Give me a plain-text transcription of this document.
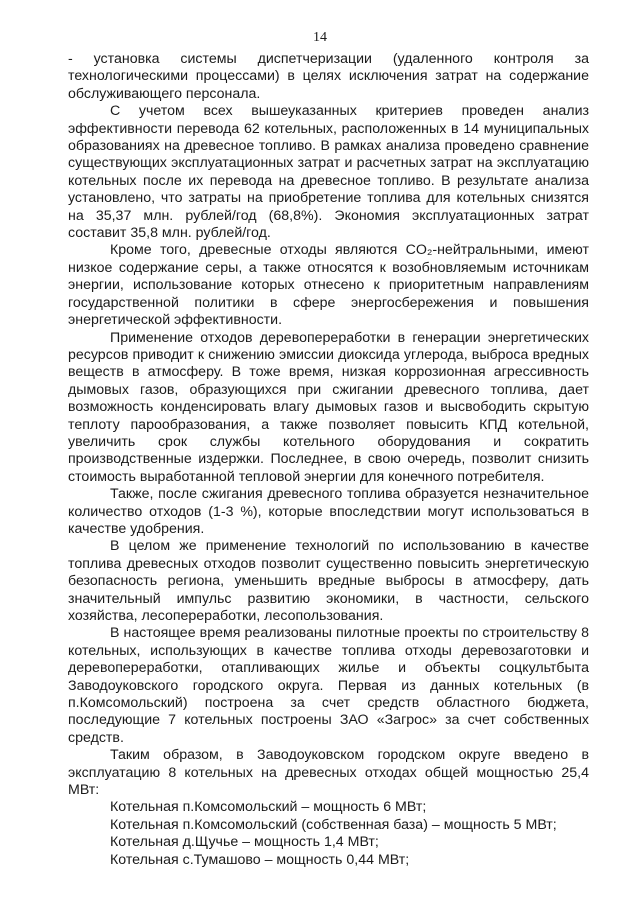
14

- установка системы диспетчеризации (удаленного контроля за технологическими процессами) в целях исключения затрат на содержание обслуживающего персонала.

С учетом всех вышеуказанных критериев проведен анализ эффективности перевода 62 котельных, расположенных в 14 муниципальных образованиях на древесное топливо. В рамках анализа проведено сравнение существующих эксплуатационных затрат и расчетных затрат на эксплуатацию котельных после их перевода на древесное топливо. В результате анализа установлено, что затраты на приобретение топлива для котельных снизятся на 35,37 млн. рублей/год (68,8%). Экономия эксплуатационных затрат составит 35,8 млн. рублей/год.

Кроме того, древесные отходы являются CO₂-нейтральными, имеют низкое содержание серы, а также относятся к возобновляемым источникам энергии, использование которых отнесено к приоритетным направлениям государственной политики в сфере энергосбережения и повышения энергетической эффективности.

Применение отходов деревопереработки в генерации энергетических ресурсов приводит к снижению эмиссии диоксида углерода, выброса вредных веществ в атмосферу. В тоже время, низкая коррозионная агрессивность дымовых газов, образующихся при сжигании древесного топлива, дает возможность конденсировать влагу дымовых газов и высвободить скрытую теплоту парообразования, а также позволяет повысить КПД котельной, увеличить срок службы котельного оборудования и сократить производственные издержки. Последнее, в свою очередь, позволит снизить стоимость выработанной тепловой энергии для конечного потребителя.

Также, после сжигания древесного топлива образуется незначительное количество отходов (1-3 %), которые впоследствии могут использоваться в качестве удобрения.

В целом же применение технологий по использованию в качестве топлива древесных отходов позволит существенно повысить энергетическую безопасность региона, уменьшить вредные выбросы в атмосферу, дать значительный импульс развитию экономики, в частности, сельского хозяйства, лесопереработки, лесопользования.

В настоящее время реализованы пилотные проекты по строительству 8 котельных, использующих в качестве топлива отходы деревозаготовки и деревопереработки, отапливающих жилье и объекты соцкультбыта Заводоуковского городского округа. Первая из данных котельных (в п.Комсомольский) построена за счет средств областного бюджета, последующие 7 котельных построены ЗАО «Загрос» за счет собственных средств.

Таким образом, в Заводоуковском городском округе введено в эксплуатацию 8 котельных на древесных отходах общей мощностью 25,4 МВт:

Котельная п.Комсомольский – мощность 6 МВт;
Котельная п.Комсомольский (собственная база) – мощность 5 МВт;
Котельная д.Щучье – мощность 1,4 МВт;
Котельная с.Тумашово – мощность 0,44 МВт;
